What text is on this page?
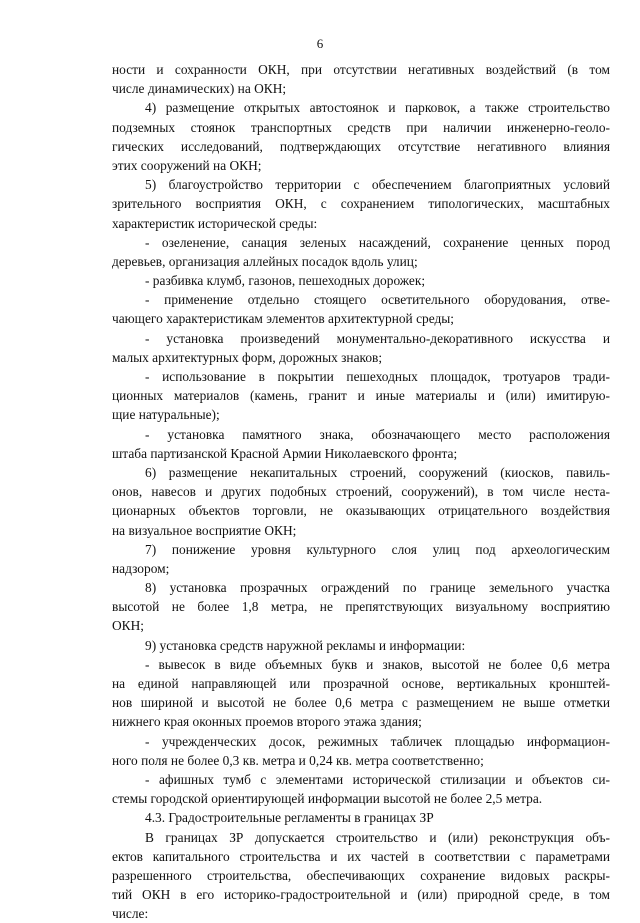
6
ности и сохранности ОКН, при отсутствии негативных воздействий (в том
числе динамических) на ОКН;
4) размещение открытых автостоянок и парковок, а также строительство
подземных стоянок транспортных средств при наличии инженерно-геоло-
гических исследований, подтверждающих отсутствие негативного влияния
этих сооружений на ОКН;
5) благоустройство территории с обеспечением благоприятных условий
зрительного восприятия ОКН, с сохранением типологических, масштабных
характеристик исторической среды:
- озеленение, санация зеленых насаждений, сохранение ценных пород
деревьев, организация аллейных посадок вдоль улиц;
- разбивка клумб, газонов, пешеходных дорожек;
- применение отдельно стоящего осветительного оборудования, отве-
чающего характеристикам элементов архитектурной среды;
- установка произведений монументально-декоративного искусства и
малых архитектурных форм, дорожных знаков;
- использование в покрытии пешеходных площадок, тротуаров тради-
ционных материалов (камень, гранит и иные материалы и (или) имитирую-
щие натуральные);
- установка памятного знака, обозначающего место расположения
штаба партизанской Красной Армии Николаевского фронта;
6) размещение некапитальных строений, сооружений (киосков, павиль-
онов, навесов и других подобных строений, сооружений), в том числе неста-
ционарных объектов торговли, не оказывающих отрицательного воздействия
на визуальное восприятие ОКН;
7) понижение уровня культурного слоя улиц под археологическим
надзором;
8) установка прозрачных ограждений по границе земельного участка
высотой не более 1,8 метра, не препятствующих визуальному восприятию
ОКН;
9) установка средств наружной рекламы и информации:
- вывесок в виде объемных букв и знаков, высотой не более 0,6 метра
на единой направляющей или прозрачной основе, вертикальных кронштей-
нов шириной и высотой не более 0,6 метра с размещением не выше отметки
нижнего края оконных проемов второго этажа здания;
- учрежденческих досок, режимных табличек площадью информацион-
ного поля не более 0,3 кв. метра и 0,24 кв. метра соответственно;
- афишных тумб с элементами исторической стилизации и объектов си-
стемы городской ориентирующей информации высотой не более 2,5 метра.
4.3. Градостроительные регламенты в границах ЗР
В границах ЗР допускается строительство и (или) реконструкция объ-
ектов капитального строительства и их частей в соответствии с параметрами
разрешенного строительства, обеспечивающих сохранение видовых раскры-
тий ОКН в его историко-градостроительной и (или) природной среде, в том
числе:
